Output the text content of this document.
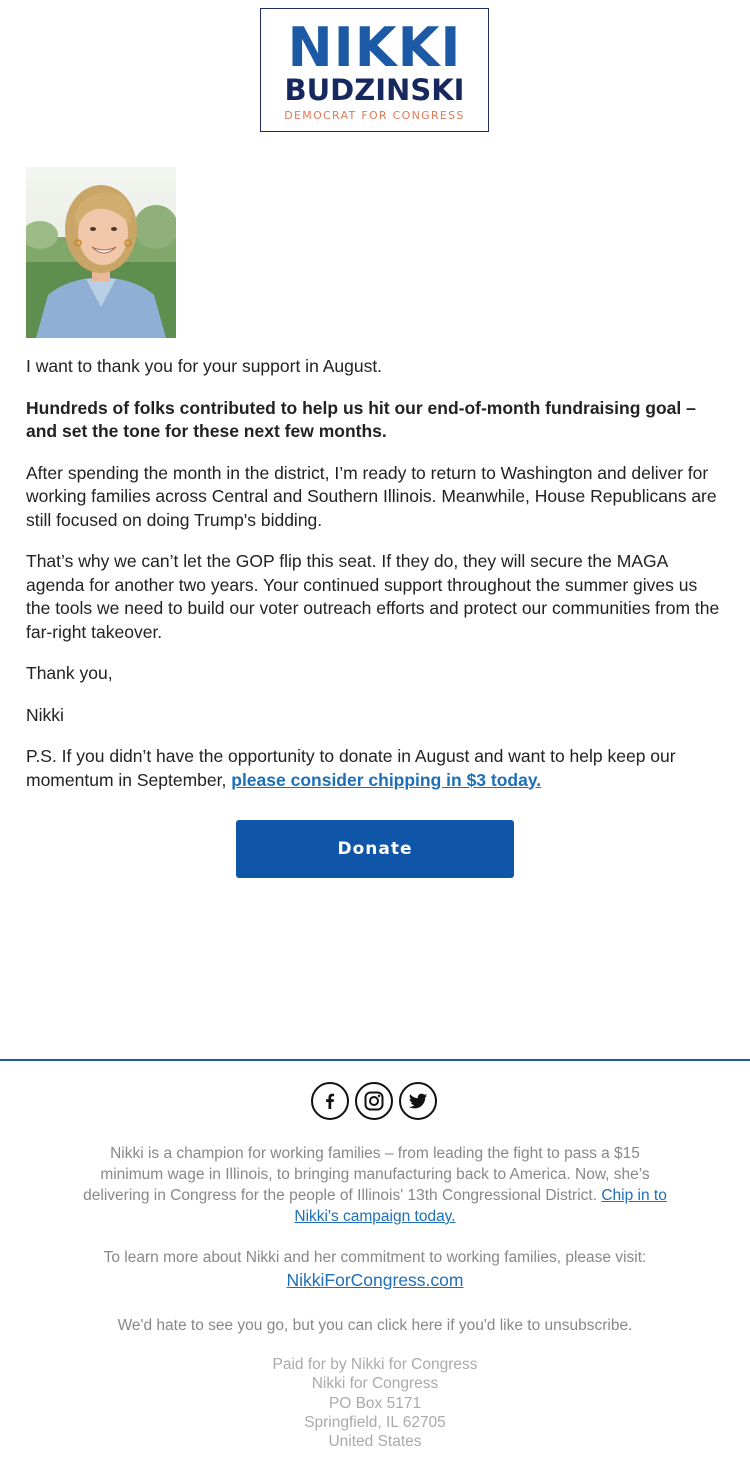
NIKKI
BUDZINSKI
DEMOCRAT FOR CONGRESS

I want to thank you for your support in August.

Hundreds of folks contributed to help us hit our end-of-month fundraising goal – and set the tone for these next few months.

After spending the month in the district, I’m ready to return to Washington and deliver for working families across Central and Southern Illinois. Meanwhile, House Republicans are still focused on doing Trump's bidding.

That’s why we can’t let the GOP flip this seat. If they do, they will secure the MAGA agenda for another two years. Your continued support throughout the summer gives us the tools we need to build our voter outreach efforts and protect our communities from the far-right takeover.

Thank you,

Nikki

P.S. If you didn’t have the opportunity to donate in August and want to help keep our momentum in September, please consider chipping in $3 today.

Donate
Nikki is a champion for working families – from leading the fight to pass a $15 minimum wage in Illinois, to bringing manufacturing back to America. Now, she’s delivering in Congress for the people of Illinois' 13th Congressional District. Chip in to Nikki's campaign today.
To learn more about Nikki and her commitment to working families, please visit:
NikkiForCongress.com
We'd hate to see you go, but you can click here if you'd like to unsubscribe.
Paid for by Nikki for Congress
Nikki for Congress
PO Box 5171
Springfield, IL 62705
United States
